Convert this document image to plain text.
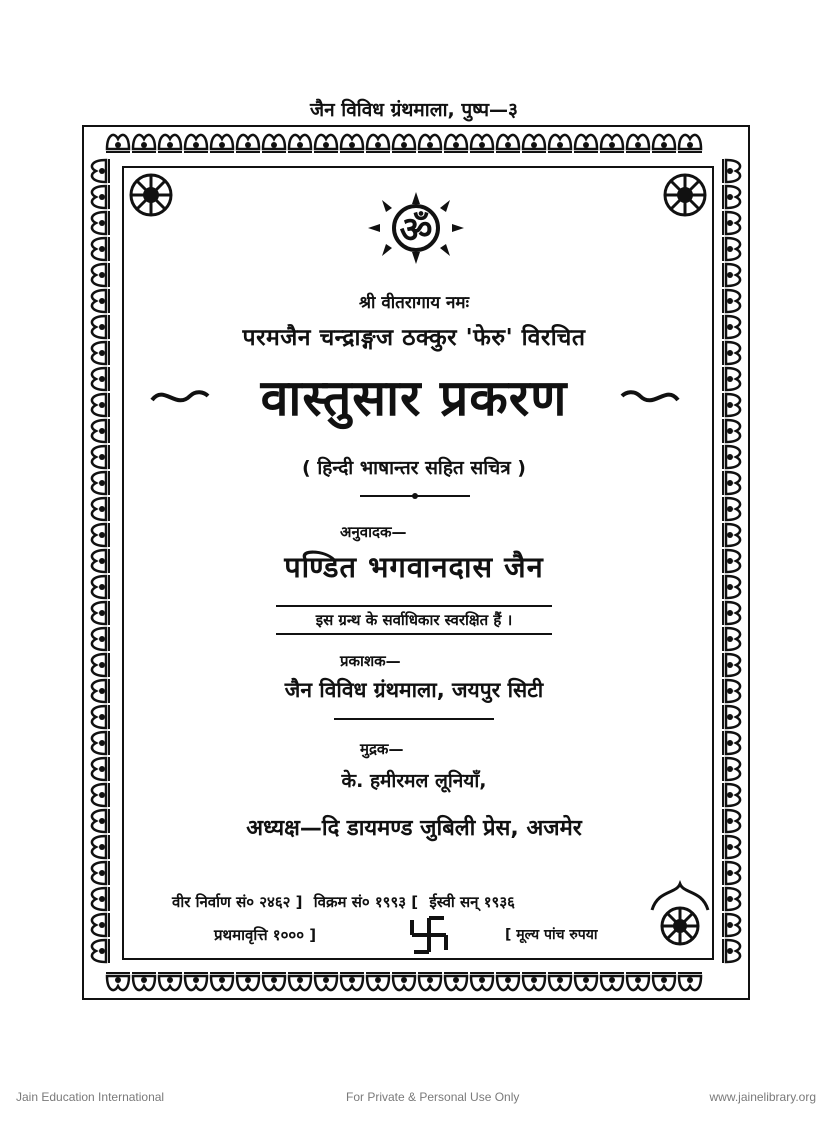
जैन विविध ग्रंथमाला, पुष्प—३
ॐ
श्री वीतरागाय नमः
परमजैन चन्द्राङ्गज ठक्कुर 'फेरु' विरचित
वास्तुसार प्रकरण
( हिन्दी भाषान्तर सहित सचित्र )
अनुवादक—
पण्डित भगवानदास जैन
इस ग्रन्थ के सर्वाधिकार स्वरक्षित हैं ।
प्रकाशक—
जैन विविध ग्रंथमाला, जयपुर सिटी
मुद्रक—
के. हमीरमल लूनियाँ,
अध्यक्ष—दि डायमण्ड जुबिली प्रेस, अजमेर
वीर निर्वाण सं० २४६२ ] विक्रम सं० १९९३ [ ईस्वी सन् १९३६
प्रथमावृत्ति १००० ]	[ मूल्य पांच रुपया
Jain Education International	For Private & Personal Use Only	www.jainelibrary.org
